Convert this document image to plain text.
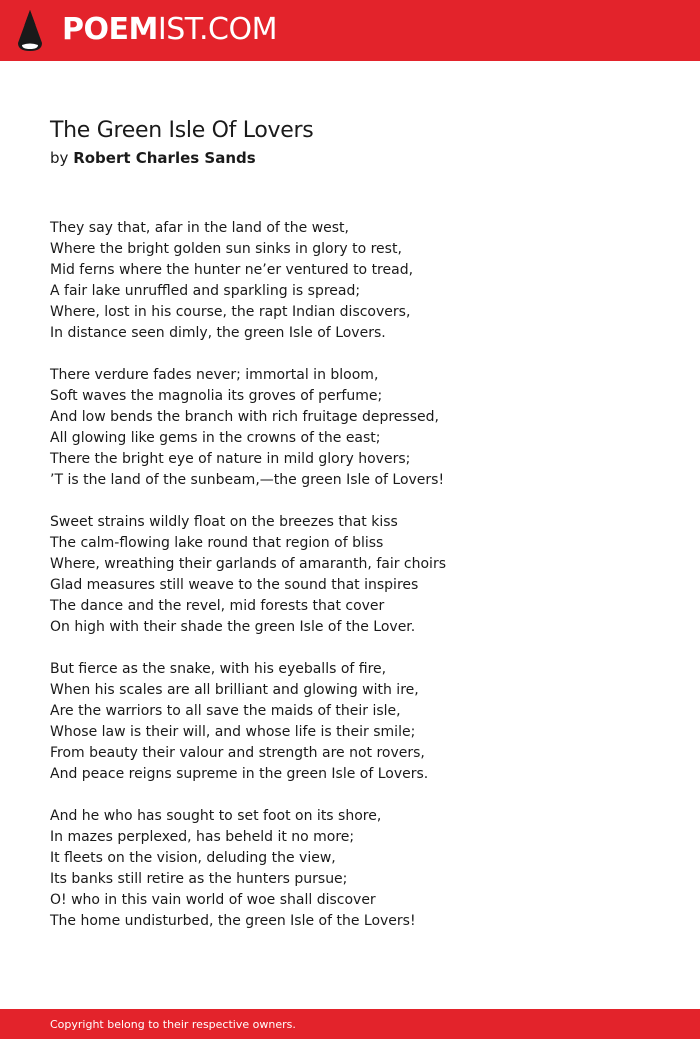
POEMIST.COM
The Green Isle Of Lovers
by Robert Charles Sands
They say that, afar in the land of the west,
Where the bright golden sun sinks in glory to rest,
Mid ferns where the hunter ne’er ventured to tread,
A fair lake unruffled and sparkling is spread;
Where, lost in his course, the rapt Indian discovers,
In distance seen dimly, the green Isle of Lovers.
There verdure fades never; immortal in bloom,
Soft waves the magnolia its groves of perfume;
And low bends the branch with rich fruitage depressed,
All glowing like gems in the crowns of the east;
There the bright eye of nature in mild glory hovers;
’T is the land of the sunbeam,—the green Isle of Lovers!
Sweet strains wildly float on the breezes that kiss
The calm-flowing lake round that region of bliss
Where, wreathing their garlands of amaranth, fair choirs
Glad measures still weave to the sound that inspires
The dance and the revel, mid forests that cover
On high with their shade the green Isle of the Lover.
But fierce as the snake, with his eyeballs of fire,
When his scales are all brilliant and glowing with ire,
Are the warriors to all save the maids of their isle,
Whose law is their will, and whose life is their smile;
From beauty their valour and strength are not rovers,
And peace reigns supreme in the green Isle of Lovers.
And he who has sought to set foot on its shore,
In mazes perplexed, has beheld it no more;
It fleets on the vision, deluding the view,
Its banks still retire as the hunters pursue;
O! who in this vain world of woe shall discover
The home undisturbed, the green Isle of the Lovers!
Copyright belong to their respective owners.
